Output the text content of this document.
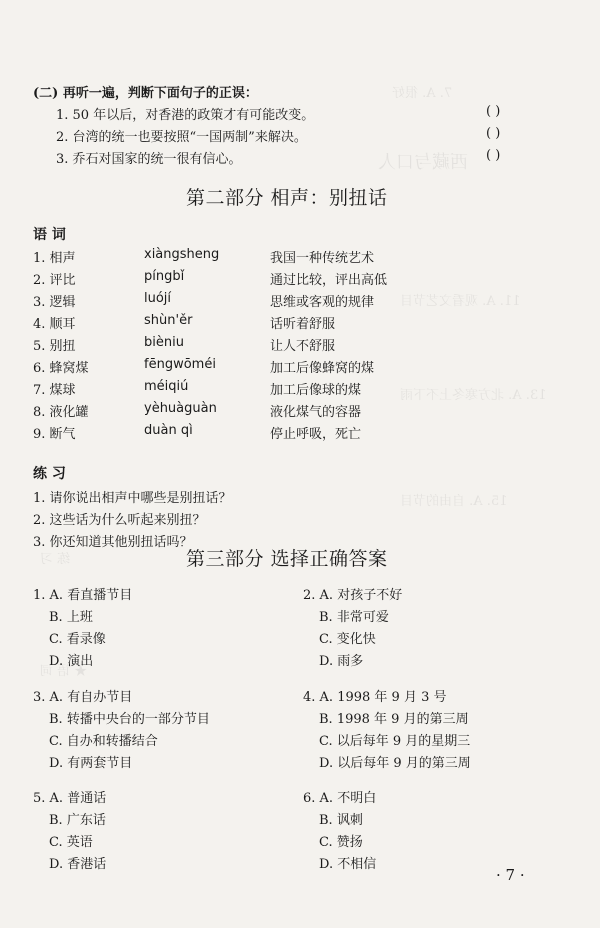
7. A. 很好
西藏与口人
11. A. 观看文艺节目
13. A. 北方寒冬上不下雨
15. A. 自由的节目
练 习
★ 语 词
(二) 再听一遍，判断下面句子的正误：
1. 50 年以后，对香港的政策才有可能改变。	( )
2. 台湾的统一也要按照“一国两制”来解决。	( )
3. 乔石对国家的统一很有信心。	( )
第二部分 相声：别扭话
语 词
1. 相声	xiàngsheng	我国一种传统艺术
2. 评比	píngbǐ	通过比较，评出高低
3. 逻辑	luójí	思维或客观的规律
4. 顺耳	shùn'ěr	话听着舒服
5. 别扭	bièniu	让人不舒服
6. 蜂窝煤	fēngwōméi	加工后像蜂窝的煤
7. 煤球	méiqiú	加工后像球的煤
8. 液化罐	yèhuàguàn	液化煤气的容器
9. 断气	duàn qì	停止呼吸，死亡
练 习
1. 请你说出相声中哪些是别扭话？
2. 这些话为什么听起来别扭？
3. 你还知道其他别扭话吗？
第三部分 选择正确答案
1. A. 看直播节目
B. 上班
C. 看录像
D. 演出
2. A. 对孩子不好
B. 非常可爱
C. 变化快
D. 雨多
3. A. 有自办节目
B. 转播中央台的一部分节目
C. 自办和转播结合
D. 有两套节目
4. A. 1998 年 9 月 3 号
B. 1998 年 9 月的第三周
C. 以后每年 9 月的星期三
D. 以后每年 9 月的第三周
5. A. 普通话
B. 广东话
C. 英语
D. 香港话
6. A. 不明白
B. 讽刺
C. 赞扬
D. 不相信
· 7 ·
